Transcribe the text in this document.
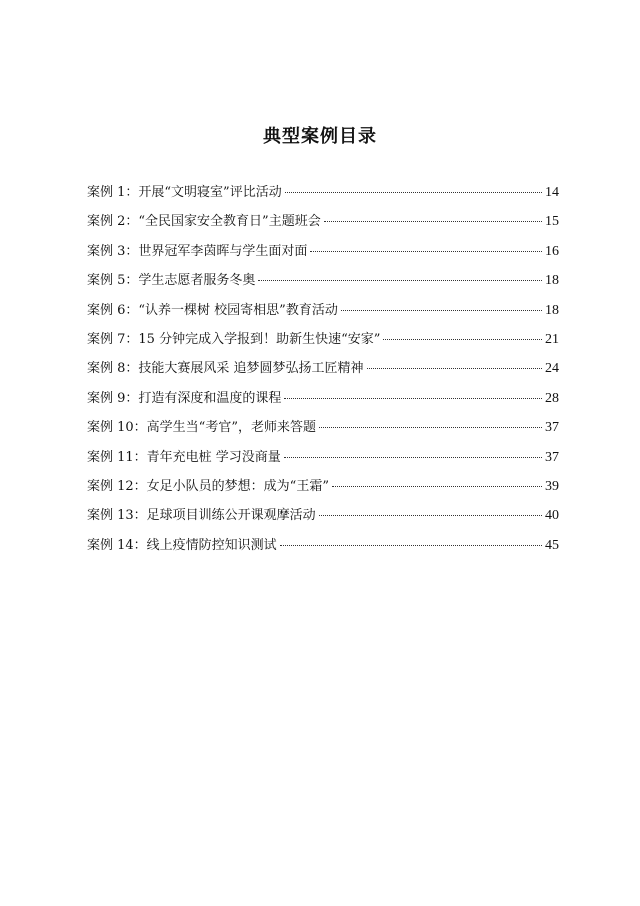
典型案例目录
案例 1：开展“文明寝室”评比活动	14
案例 2：“全民国家安全教育日”主题班会	15
案例 3：世界冠军李茵晖与学生面对面	16
案例 5：学生志愿者服务冬奥	18
案例 6：“认养一棵树 校园寄相思”教育活动	18
案例 7：15 分钟完成入学报到！助新生快速“安家”	21
案例 8：技能大赛展风采 追梦圆梦弘扬工匠精神	24
案例 9：打造有深度和温度的课程	28
案例 10：高学生当“考官”，老师来答题	37
案例 11：青年充电桩 学习没商量	37
案例 12：女足小队员的梦想：成为“王霜”	39
案例 13：足球项目训练公开课观摩活动	40
案例 14：线上疫情防控知识测试	45
